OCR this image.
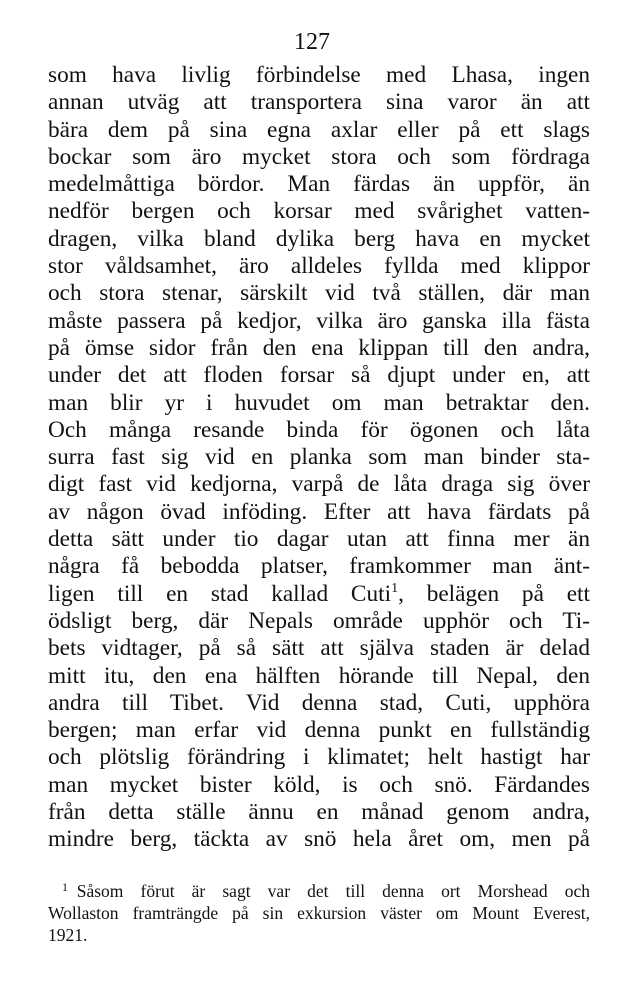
127
som hava livlig förbindelse med Lhasa, ingen
annan utväg att transportera sina varor än att
bära dem på sina egna axlar eller på ett slags
bockar som äro mycket stora och som fördraga
medelmåttiga bördor. Man färdas än uppför, än
nedför bergen och korsar med svårighet vatten-
dragen, vilka bland dylika berg hava en mycket
stor våldsamhet, äro alldeles fyllda med klippor
och stora stenar, särskilt vid två ställen, där man
måste passera på kedjor, vilka äro ganska illa fästa
på ömse sidor från den ena klippan till den andra,
under det att floden forsar så djupt under en, att
man blir yr i huvudet om man betraktar den.
Och många resande binda för ögonen och låta
surra fast sig vid en planka som man binder sta-
digt fast vid kedjorna, varpå de låta draga sig över
av någon övad inföding. Efter att hava färdats på
detta sätt under tio dagar utan att finna mer än
några få bebodda platser, framkommer man änt-
ligen till en stad kallad Cuti$^1$, belägen på ett
ödsligt berg, där Nepals område upphör och Ti-
bets vidtager, på så sätt att själva staden är delad
mitt itu, den ena hälften hörande till Nepal, den
andra till Tibet. Vid denna stad, Cuti, upphöra
bergen; man erfar vid denna punkt en fullständig
och plötslig förändring i klimatet; helt hastigt har
man mycket bister köld, is och snö. Färdandes
från detta ställe ännu en månad genom andra,
mindre berg, täckta av snö hela året om, men på
$^1$  Såsom förut är sagt var det till denna ort Morshead och
Wollaston framträngde på sin exkursion väster om Mount Everest,
1921.
